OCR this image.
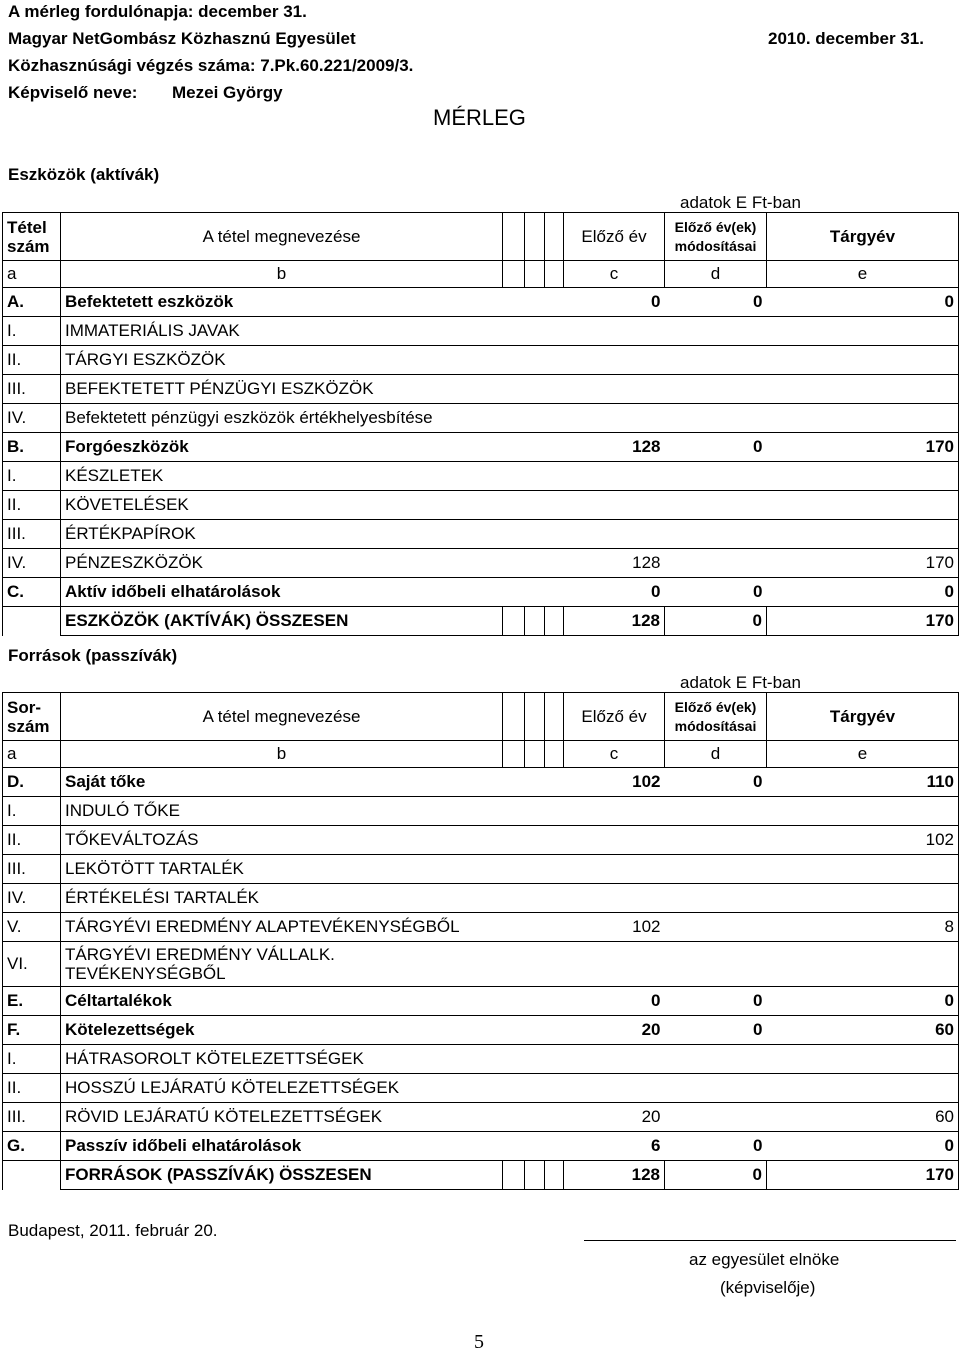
A mérleg fordulónapja: december 31.
Magyar NetGombász Közhasznú Egyesület	2010. december 31.
Közhasznúsági végzés száma: 7.Pk.60.221/2009/3.
Képviselő neve: Mezei György
MÉRLEG
Eszközök (aktívák)
adatok E Ft-ban
Tétel szám	A tétel megnevezése				Előző év	Előző év(ek) módosításai	Tárgyév
a	b				c	d	e
A.	Befektetett eszközök				0	0	0
I.	IMMATERIÁLIS JAVAK						
II.	TÁRGYI ESZKÖZÖK						
III.	BEFEKTETETT PÉNZÜGYI ESZKÖZÖK						
IV.	Befektetett pénzügyi eszközök értékhelyesbítése						
B.	Forgóeszközök				128	0	170
I.	KÉSZLETEK						
II.	KÖVETELÉSEK						
III.	ÉRTÉKPAPÍROK						
IV.	PÉNZESZKÖZÖK				128		170
C.	Aktív időbeli elhatárolások				0	0	0
	ESZKÖZÖK (AKTÍVÁK) ÖSSZESEN				128	0	170
Források (passzívák)
adatok E Ft-ban
Sor- szám	A tétel megnevezése				Előző év	Előző év(ek) módosításai	Tárgyév
a	b				c	d	e
D.	Saját tőke				102	0	110
I.	INDULÓ TŐKE						
II.	TŐKEVÁLTOZÁS						102
III.	LEKÖTÖTT TARTALÉK						
IV.	ÉRTÉKELÉSI TARTALÉK						
V.	TÁRGYÉVI EREDMÉNY ALAPTEVÉKENYSÉGBŐL				102		8
VI.	TÁRGYÉVI EREDMÉNY VÁLLALK. TEVÉKENYSÉGBŐL						
E.	Céltartalékok				0	0	0
F.	Kötelezettségek				20	0	60
I.	HÁTRASOROLT KÖTELEZETTSÉGEK						
II.	HOSSZÚ LEJÁRATÚ KÖTELEZETTSÉGEK						
III.	RÖVID LEJÁRATÚ KÖTELEZETTSÉGEK				20		60
G.	Passzív időbeli elhatárolások				6	0	0
	FORRÁSOK (PASSZÍVÁK) ÖSSZESEN				128	0	170
Budapest, 2011. február 20.
az egyesület elnöke
(képviselője)
5
